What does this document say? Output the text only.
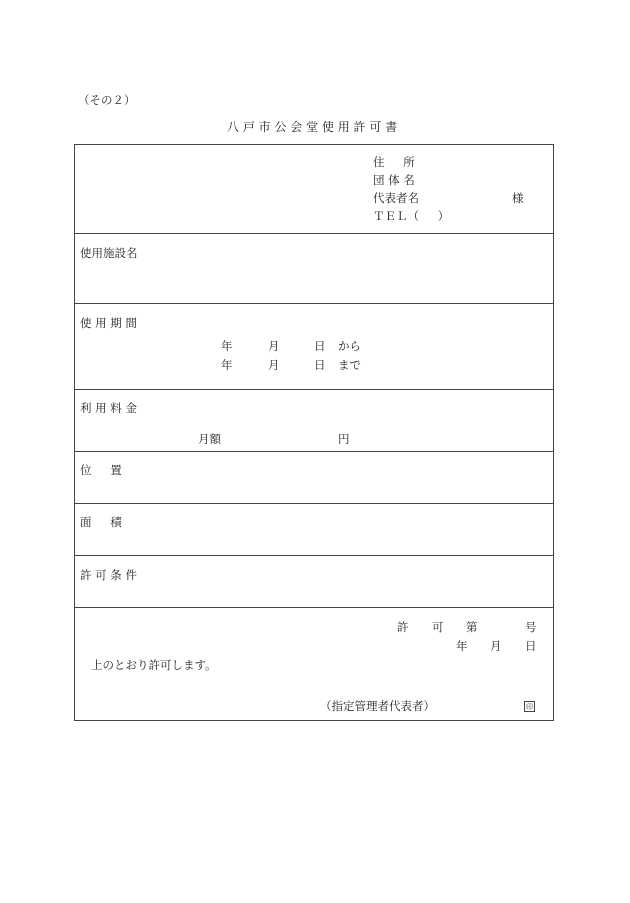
（その２）
八 戸 市 公 会 堂 使 用 許 可 書
住 　 所
団 体 名
代表者名	様
ＴＥＬ（ 　 ）
使用施設名
使 用 期 間
年	月	日 から
年	月	日 まで
利 用 料 金
月額	円
位 　 置
面 　 積
許 可 条 件
許 可 第	号
年 月 日
上のとおり許可します。
（指定管理者代表者）	印
